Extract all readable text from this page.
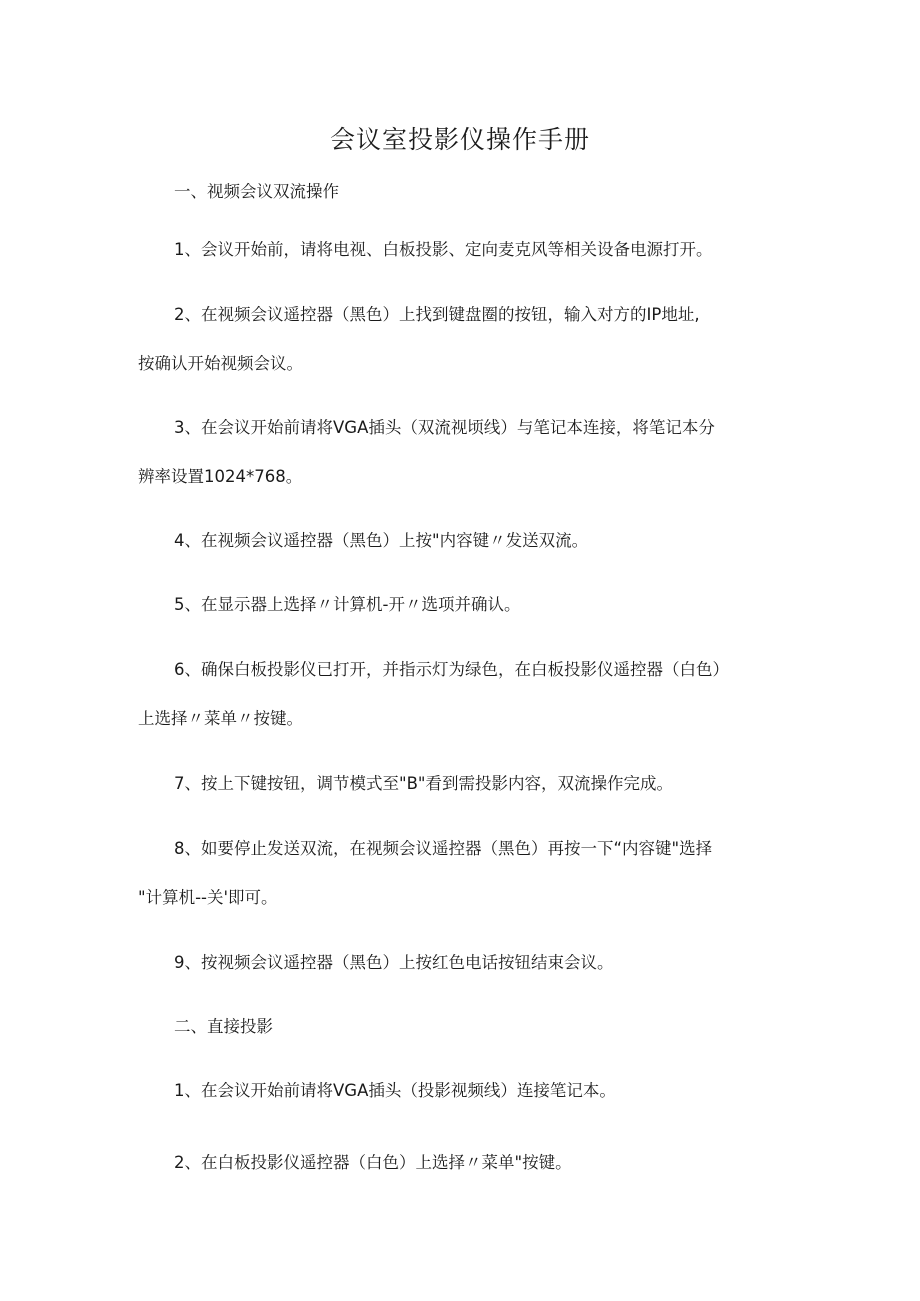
会议室投影仪操作手册

一、视频会议双流操作

1、会议开始前，请将电视、白板投影、定向麦克风等相关设备电源打开。

2、在视频会议遥控器（黑色）上找到键盘圈的按钮，输入对方的IP地址,

按确认开始视频会议。

3、在会议开始前请将VGA插头（双流视顷线）与笔记本连接，将笔记本分

辨率设置1024*768。

4、在视频会议遥控器（黑色）上按"内容键〃发送双流。

5、在显示器上选择〃计算机-开〃选项并确认。

6、确保白板投影仪已打开，并指示灯为绿色，在白板投影仪遥控器（白色）

上选择〃菜单〃按键。

7、按上下键按钮，调节模式至"B"看到需投影内容，双流操作完成。

8、如要停止发送双流，在视频会议遥控器（黑色）再按一下“内容键"选择

"计算机--关'即可。

9、按视频会议遥控器（黑色）上按红色电话按钮结束会议。

二、直接投影

1、在会议开始前请将VGA插头（投影视频线）连接笔记本。

2、在白板投影仪遥控器（白色）上选择〃菜单"按键。
